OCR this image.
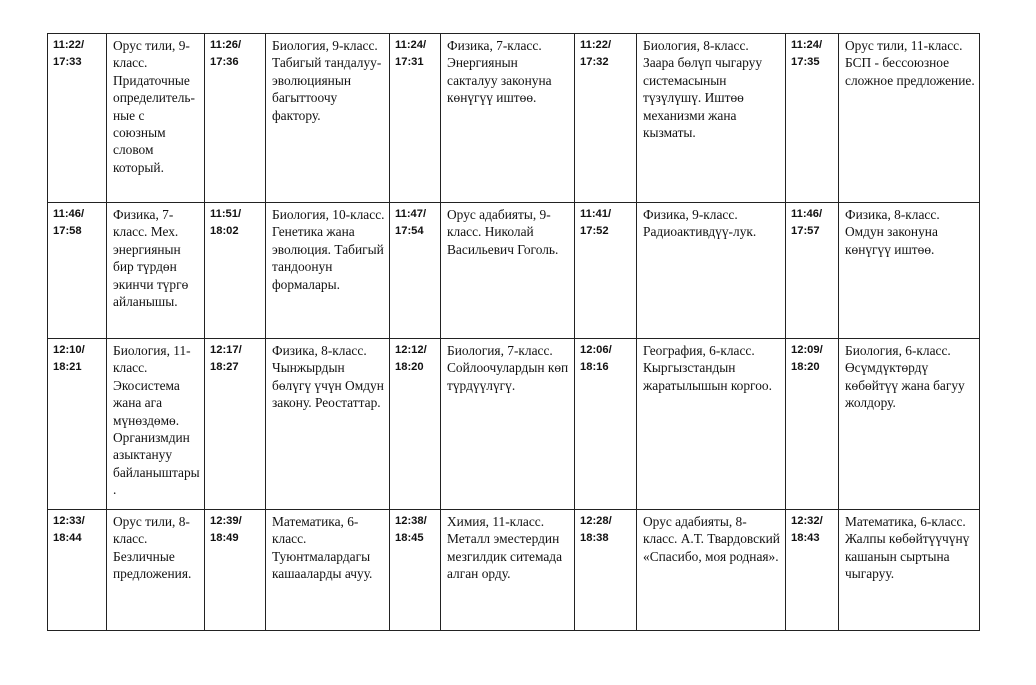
11:22/
17:33	Орус тили, 9- класс. Придаточные определитель-ные с союзным словом который.	11:26/
17:36	Биология, 9-класс. Табигый тандалуу-эволюциянын багыттоочу фактору.	11:24/
17:31	Физика, 7-класс. Энергиянын сакталуу законуна көнүгүү иштөө.	11:22/
17:32	Биология, 8-класс. Заара бөлүп чыгаруу системасынын түзүлүшү. Иштөө механизми жана кызматы.	11:24/
17:35	Орус тили, 11-класс. БСП - бессоюзное сложное предложение.

11:46/
17:58	Физика, 7-класс. Мех. энергиянын бир түрдөн экинчи түргө айланышы.	11:51/
18:02	Биология, 10-класс. Генетика жана эволюция. Табигый тандоонун формалары.	11:47/
17:54	Орус адабияты, 9-класс. Николай Васильевич Гоголь.	11:41/
17:52	Физика, 9-класс. Радиоактивдүү-лук.	11:46/
17:57	Физика, 8-класс. Омдун законуна көнүгүү иштөө.

12:10/
18:21	Биология, 11-класс. Экосистема жана ага мүнөздөмө. Организмдин азыктануу байланыштары.	12:17/
18:27	Физика, 8-класс. Чынжырдын бөлүгү үчүн Омдун закону. Реостаттар.	12:12/
18:20	Биология, 7-класс. Сойлоочулардын көп түрдүүлүгү.	12:06/
18:16	География, 6-класс. Кыргызстандын жаратылышын коргоо.	12:09/
18:20	Биология, 6-класс. Өсүмдүктөрдү көбөйтүү жана багуу жолдору.

12:33/
18:44	Орус тили, 8-класс. Безличные предложения.	12:39/
18:49	Математика, 6-класс. Туюнтмалардагы кашааларды ачуу.	12:38/
18:45	Химия, 11-класс. Металл эместердин мезгилдик ситемада алган орду.	12:28/
18:38	Орус адабияты, 8-класс. А.Т. Твардовский «Спасибо, моя родная».	12:32/
18:43	Математика, 6-класс. Жалпы көбөйтүүчүнү кашанын сыртына чыгаруу.
